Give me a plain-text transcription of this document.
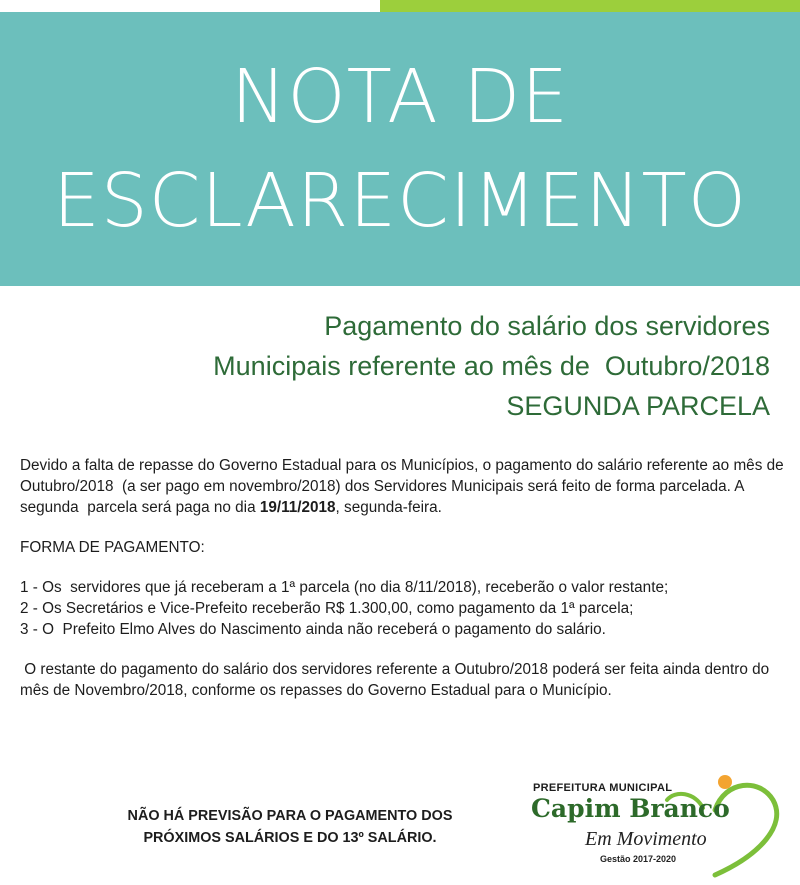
NOTA DE
ESCLARECIMENTO
Pagamento do salário dos servidores
Municipais referente ao mês de  Outubro/2018
SEGUNDA PARCELA

Devido a falta de repasse do Governo Estadual para os Municípios, o pagamento do salário referente ao mês de Outubro/2018  (a ser pago em novembro/2018) dos Servidores Municipais será feito de forma parcelada. A segunda  parcela será paga no dia 19/11/2018, segunda-feira.

FORMA DE PAGAMENTO:

1 - Os  servidores que já receberam a 1ª parcela (no dia 8/11/2018), receberão o valor restante;

2 - Os Secretários e Vice-Prefeito receberão R$ 1.300,00, como pagamento da 1ª parcela;

3 - O  Prefeito Elmo Alves do Nascimento ainda não receberá o pagamento do salário.

O restante do pagamento do salário dos servidores referente a Outubro/2018 poderá ser feita ainda dentro do mês de Novembro/2018, conforme os repasses do Governo Estadual para o Município.

NÃO HÁ PREVISÃO PARA O PAGAMENTO DOS
PRÓXIMOS SALÁRIOS E DO 13º SALÁRIO.
PREFEITURA MUNICIPAL
Capim Branco
Em Movimento
Gestão 2017-2020
